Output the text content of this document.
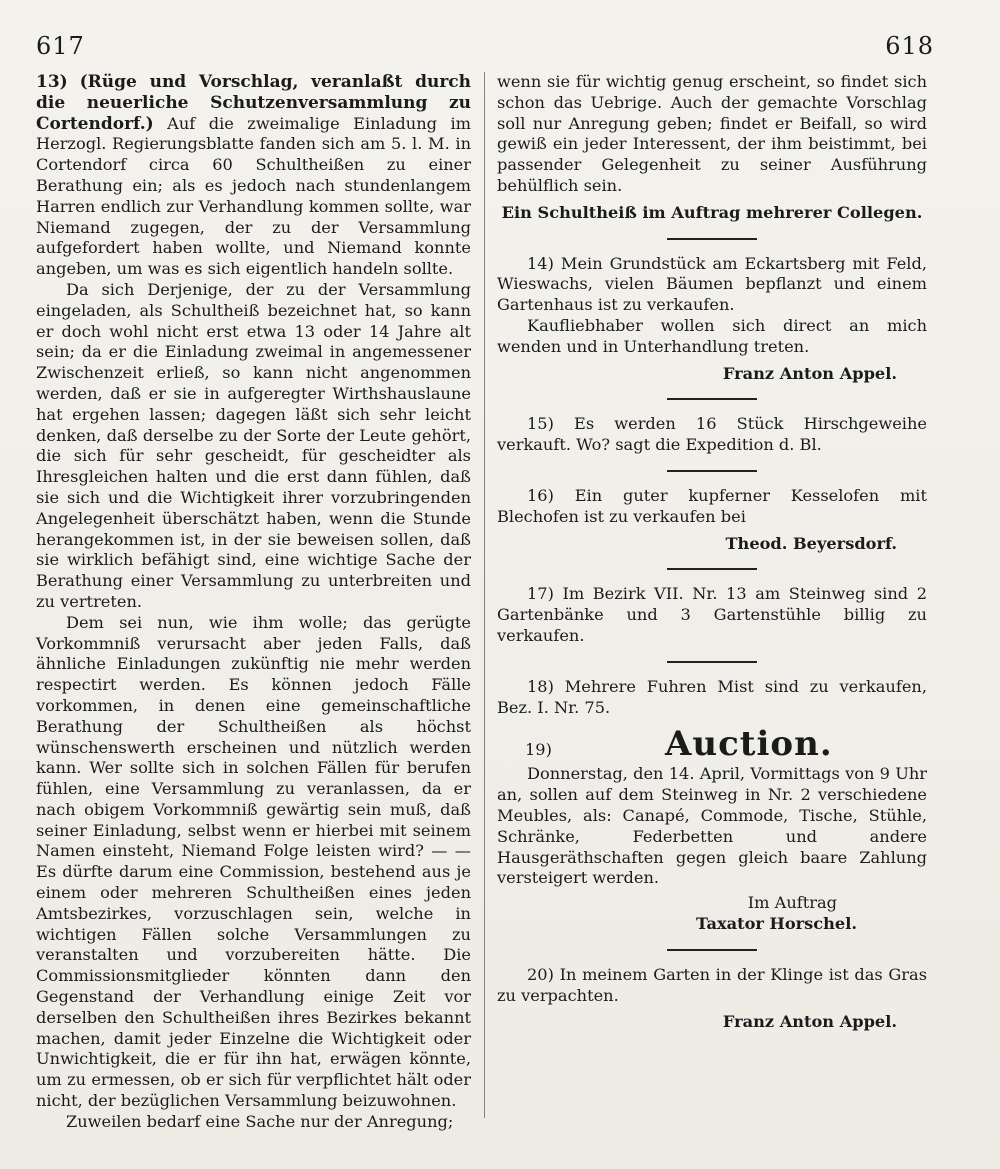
617	618

13) (Rüge und Vorschlag, veranlaßt durch die neuerliche Schutzenversammlung zu Cortendorf.) Auf die zweimalige Einladung im Herzogl. Regierungsblatte fanden sich am 5. l. M. in Cortendorf circa 60 Schultheißen zu einer Berathung ein; als es jedoch nach stundenlangem Harren endlich zur Verhandlung kommen sollte, war Niemand zugegen, der zu der Versammlung aufgefordert haben wollte, und Niemand konnte angeben, um was es sich eigentlich handeln sollte.

Da sich Derjenige, der zu der Versammlung eingeladen, als Schultheiß bezeichnet hat, so kann er doch wohl nicht erst etwa 13 oder 14 Jahre alt sein; da er die Einladung zweimal in angemessener Zwischenzeit erließ, so kann nicht angenommen werden, daß er sie in aufgeregter Wirthshauslaune hat ergehen lassen; dagegen läßt sich sehr leicht denken, daß derselbe zu der Sorte der Leute gehört, die sich für sehr gescheidt, für gescheidter als Ihresgleichen halten und die erst dann fühlen, daß sie sich und die Wichtigkeit ihrer vorzubringenden Angelegenheit überschätzt haben, wenn die Stunde herangekommen ist, in der sie beweisen sollen, daß sie wirklich befähigt sind, eine wichtige Sache der Berathung einer Versammlung zu unterbreiten und zu vertreten.

Dem sei nun, wie ihm wolle; das gerügte Vorkommniß verursacht aber jeden Falls, daß ähnliche Einladungen zukünftig nie mehr werden respectirt werden. Es können jedoch Fälle vorkommen, in denen eine gemeinschaftliche Berathung der Schultheißen als höchst wünschenswerth erscheinen und nützlich werden kann. Wer sollte sich in solchen Fällen für berufen fühlen, eine Versammlung zu veranlassen, da er nach obigem Vorkommniß gewärtig sein muß, daß seiner Einladung, selbst wenn er hierbei mit seinem Namen einsteht, Niemand Folge leisten wird? — — Es dürfte darum eine Commission, bestehend aus je einem oder mehreren Schultheißen eines jeden Amtsbezirkes, vorzuschlagen sein, welche in wichtigen Fällen solche Versammlungen zu veranstalten und vorzubereiten hätte. Die Commissionsmitglieder könnten dann den Gegenstand der Verhandlung einige Zeit vor derselben den Schultheißen ihres Bezirkes bekannt machen, damit jeder Einzelne die Wichtigkeit oder Unwichtigkeit, die er für ihn hat, erwägen könnte, um zu ermessen, ob er sich für verpflichtet hält oder nicht, der bezüglichen Versammlung beizuwohnen.

Zuweilen bedarf eine Sache nur der Anregung;

wenn sie für wichtig genug erscheint, so findet sich schon das Uebrige. Auch der gemachte Vorschlag soll nur Anregung geben; findet er Beifall, so wird gewiß ein jeder Interessent, der ihm beistimmt, bei passender Gelegenheit zu seiner Ausführung behülflich sein.

Ein Schultheiß im Auftrag mehrerer Collegen.

14) Mein Grundstück am Eckartsberg mit Feld, Wieswachs, vielen Bäumen bepflanzt und einem Gartenhaus ist zu verkaufen.

Kaufliebhaber wollen sich direct an mich wenden und in Unterhandlung treten.

Franz Anton Appel.

15) Es werden 16 Stück Hirschgeweihe verkauft. Wo? sagt die Expedition d. Bl.

16) Ein guter kupferner Kesselofen mit Blechofen ist zu verkaufen bei

Theod. Beyersdorf.

17) Im Bezirk VII. Nr. 13 am Steinweg sind 2 Gartenbänke und 3 Gartenstühle billig zu verkaufen.

18) Mehrere Fuhren Mist sind zu verkaufen, Bez. I. Nr. 75.

19)	Auction.

Donnerstag, den 14. April, Vormittags von 9 Uhr an, sollen auf dem Steinweg in Nr. 2 verschiedene Meubles, als: Canapé, Commode, Tische, Stühle, Schränke, Federbetten und andere Hausgeräthschaften gegen gleich baare Zahlung versteigert werden.

Im Auftrag

Taxator Horschel.

20) In meinem Garten in der Klinge ist das Gras zu verpachten.

Franz Anton Appel.
